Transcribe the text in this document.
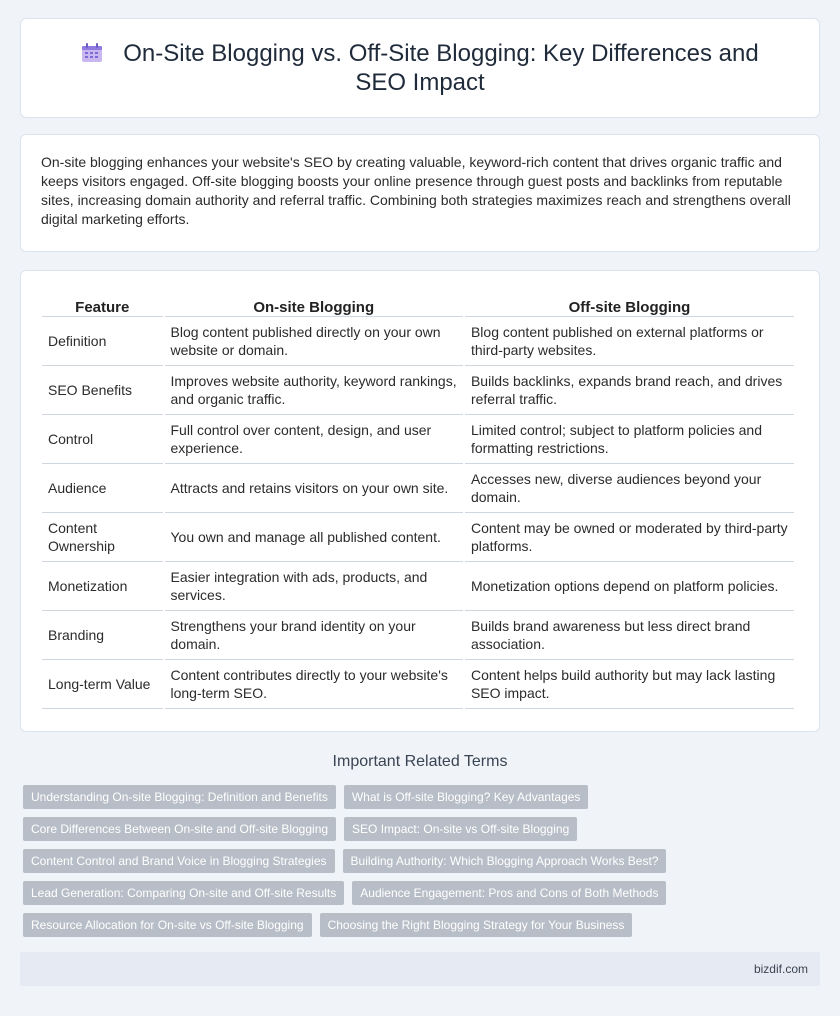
On-Site Blogging vs. Off-Site Blogging: Key Differences and SEO Impact

On-site blogging enhances your website's SEO by creating valuable, keyword-rich content that drives organic traffic and keeps visitors engaged. Off-site blogging boosts your online presence through guest posts and backlinks from reputable sites, increasing domain authority and referral traffic. Combining both strategies maximizes reach and strengthens overall digital marketing efforts.

Feature	On-site Blogging	Off-site Blogging
Definition	Blog content published directly on your own website or domain.	Blog content published on external platforms or third-party websites.
SEO Benefits	Improves website authority, keyword rankings, and organic traffic.	Builds backlinks, expands brand reach, and drives referral traffic.
Control	Full control over content, design, and user experience.	Limited control; subject to platform policies and formatting restrictions.
Audience	Attracts and retains visitors on your own site.	Accesses new, diverse audiences beyond your domain.
Content Ownership	You own and manage all published content.	Content may be owned or moderated by third-party platforms.
Monetization	Easier integration with ads, products, and services.	Monetization options depend on platform policies.
Branding	Strengthens your brand identity on your domain.	Builds brand awareness but less direct brand association.
Long-term Value	Content contributes directly to your website's long-term SEO.	Content helps build authority but may lack lasting SEO impact.
Important Related Terms
Understanding On-site Blogging: Definition and Benefits	What is Off-site Blogging? Key Advantages
Core Differences Between On-site and Off-site Blogging	SEO Impact: On-site vs Off-site Blogging
Content Control and Brand Voice in Blogging Strategies	Building Authority: Which Blogging Approach Works Best?
Lead Generation: Comparing On-site and Off-site Results	Audience Engagement: Pros and Cons of Both Methods
Resource Allocation for On-site vs Off-site Blogging	Choosing the Right Blogging Strategy for Your Business
bizdif.com
